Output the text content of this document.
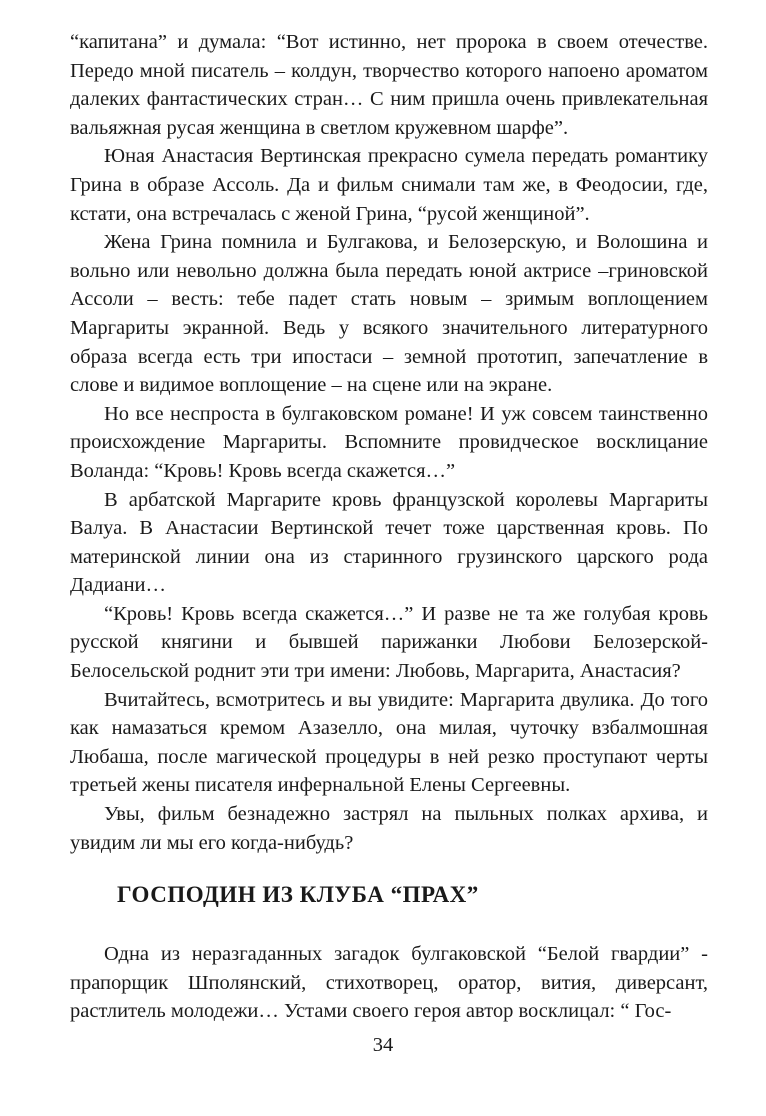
“капитана” и думала: “Вот истинно, нет пророка в своем отечестве. Передо мной писатель – колдун, творчество которого напоено ароматом далеких фантастических стран… С ним пришла очень привлекательная вальяжная русая женщина в светлом кружевном шарфе”.

Юная Анастасия Вертинская прекрасно сумела передать романтику Грина в образе Ассоль. Да и фильм снимали там же, в Феодосии, где, кстати, она встречалась с женой Грина, “русой женщиной”.

Жена Грина помнила и Булгакова, и Белозерскую, и Волошина и вольно или невольно должна была передать юной актрисе –гриновской Ассоли – весть: тебе падет стать новым – зримым воплощением Маргариты экранной. Ведь у всякого значительного литературного образа всегда есть три ипостаси – земной прототип, запечатление в слове и видимое воплощение – на сцене или на экране.

Но все неспроста в булгаковском романе! И уж совсем таинственно происхождение Маргариты. Вспомните провидческое восклицание Воланда: “Кровь! Кровь всегда скажется…”

В арбатской Маргарите кровь французской королевы Маргариты Валуа. В Анастасии Вертинской течет тоже царственная кровь. По материнской линии она из старинного грузинского царского рода Дадиани…

“Кровь! Кровь всегда скажется…” И разве не та же голубая кровь русской княгини и бывшей парижанки Любови Белозерской-Белосельской роднит эти три имени: Любовь, Маргарита, Анастасия?

Вчитайтесь, всмотритесь и вы увидите: Маргарита двулика. До того как намазаться кремом Азазелло, она милая, чуточку взбалмошная Любаша, после магической процедуры в ней резко проступают черты третьей жены писателя инфернальной Елены Сергеевны.

Увы, фильм безнадежно застрял на пыльных полках архива, и увидим ли мы его когда-нибудь?

ГОСПОДИН ИЗ КЛУБА “ПРАХ”

Одна из неразгаданных загадок булгаковской “Белой гвардии” - прапорщик Шполянский, стихотворец, оратор, вития, диверсант, растлитель молодежи… Устами своего героя автор восклицал: “ Гос-

34
